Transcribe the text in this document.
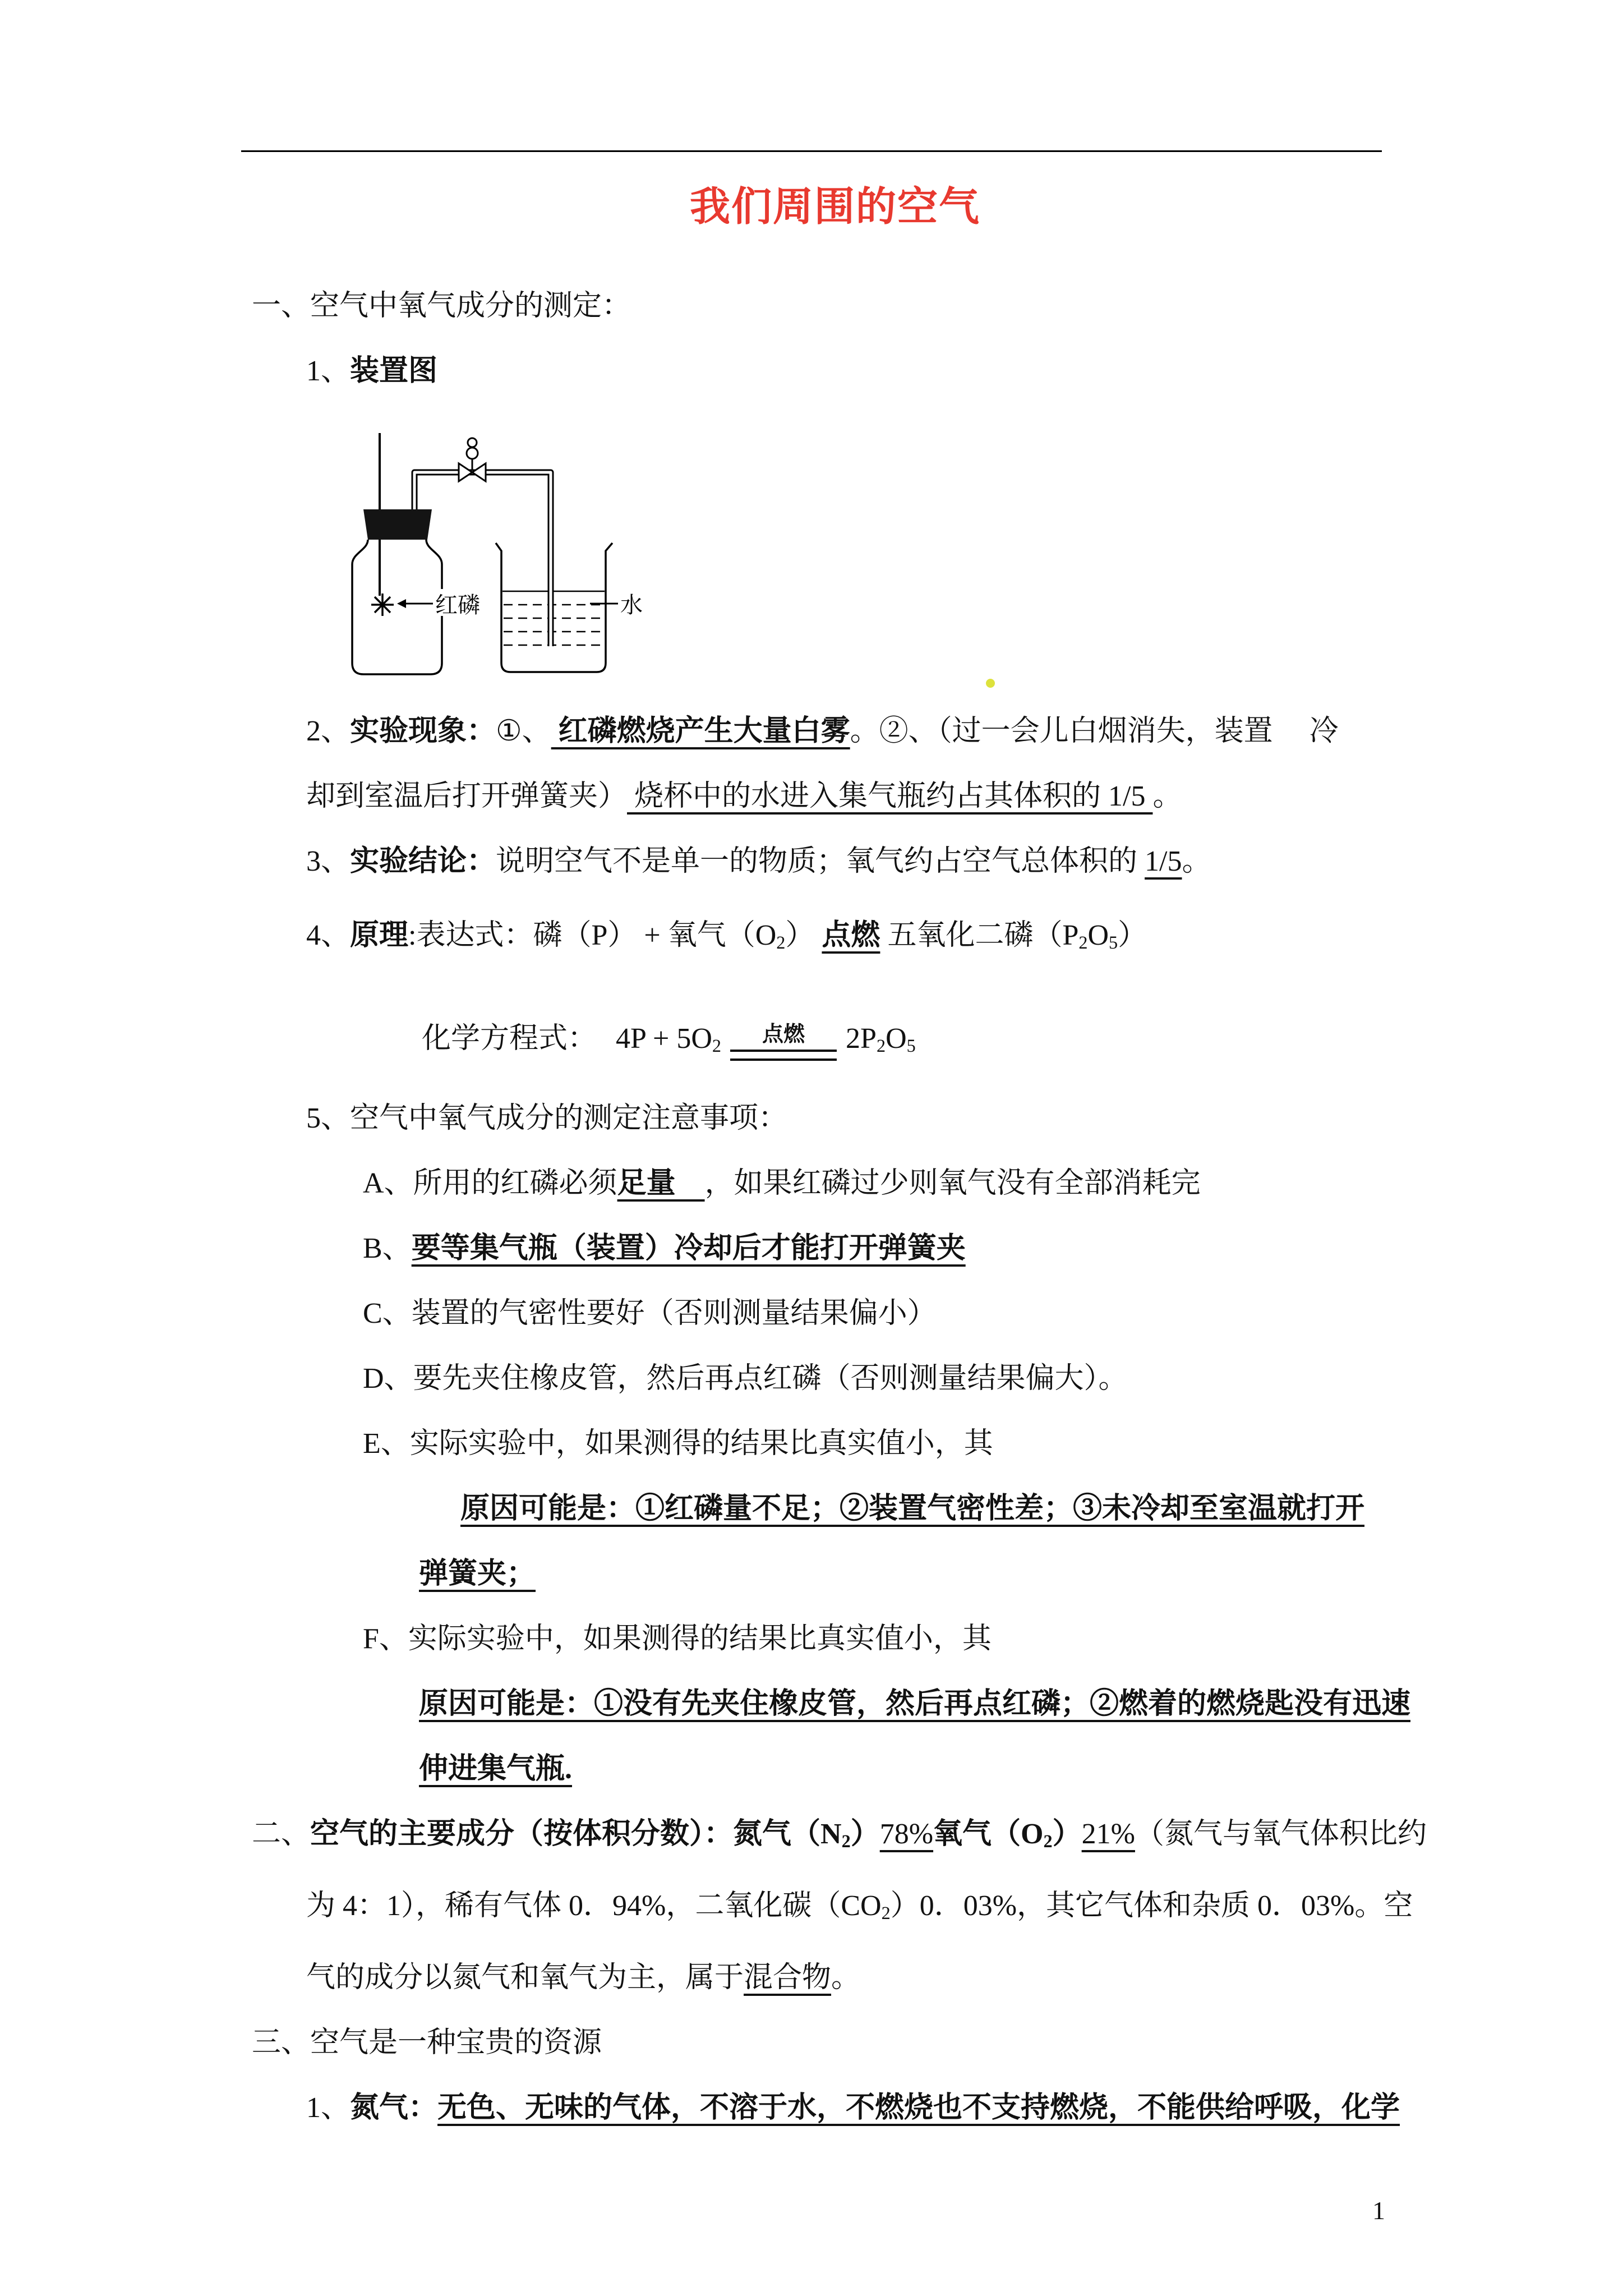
我们周围的空气
一、空气中氧气成分的测定：
1、装置图
红磷	水
2、实验现象：①、 红磷燃烧产生大量白雾。②、（过一会儿白烟消失，装置　 冷
却到室温后打开弹簧夹） 烧杯中的水进入集气瓶约占其体积的 1/5 。
3、实验结论：说明空气不是单一的物质；氧气约占空气总体积的 1/5。
4、原理:表达式：磷（P） + 氧气（O2） 点燃 五氧化二磷（P2O5）
化学方程式： 4P + 5O2	点燃	2P2O5
5、空气中氧气成分的测定注意事项：
A、所用的红磷必须足量　，如果红磷过少则氧气没有全部消耗完
B、要等集气瓶（装置）冷却后才能打开弹簧夹
C、装置的气密性要好（否则测量结果偏小）
D、要先夹住橡皮管，然后再点红磷（否则测量结果偏大）。
E、实际实验中，如果测得的结果比真实值小，其
原因可能是：①红磷量不足；②装置气密性差；③未冷却至室温就打开
弹簧夹；
F、实际实验中，如果测得的结果比真实值小，其
原因可能是：①没有先夹住橡皮管，然后再点红磷；②燃着的燃烧匙没有迅速
伸进集气瓶.
二、空气的主要成分（按体积分数）：氮气（N2）78%氧气（O2）21%（氮气与氧气体积比约
为 4：1），稀有气体 0．94%，二氧化碳（CO2）0．03%，其它气体和杂质 0．03%。空
气的成分以氮气和氧气为主，属于混合物。
三、空气是一种宝贵的资源
1、氮气：无色、无味的气体，不溶于水，不燃烧也不支持燃烧，不能供给呼吸，化学
1
